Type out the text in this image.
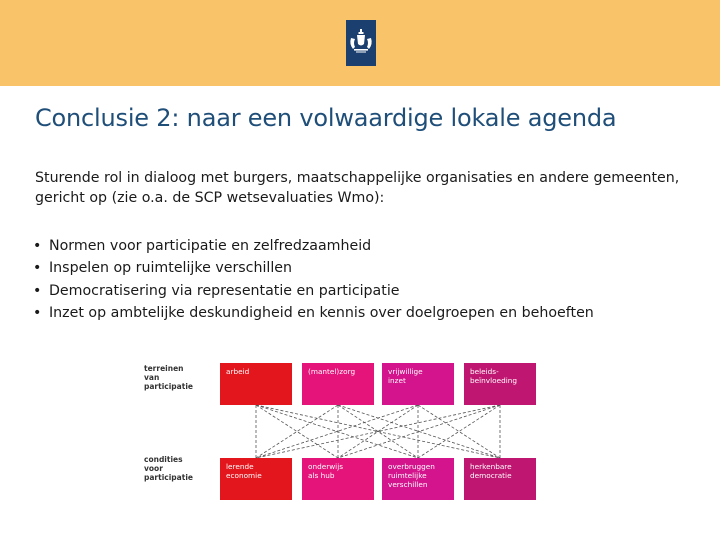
Conclusie 2: naar een volwaardige lokale agenda
Sturende rol in dialoog met burgers, maatschappelijke organisaties en andere gemeenten, gericht op (zie o.a. de SCP wetsevaluaties Wmo):
• Normen voor participatie en zelfredzaamheid
• Inspelen op ruimtelijke verschillen
• Democratisering via representatie en participatie
• Inzet op ambtelijke deskundigheid en kennis over doelgroepen en behoeften
arbeid	(mantel)zorg	vrijwillige
inzet
beleids-
beïnvloeding
lerende
economie
onderwijs
als hub
overbruggen
ruimtelijke
verschillen
herkenbare
democratie
terreinen
van
participatie
condities
voor
participatie
